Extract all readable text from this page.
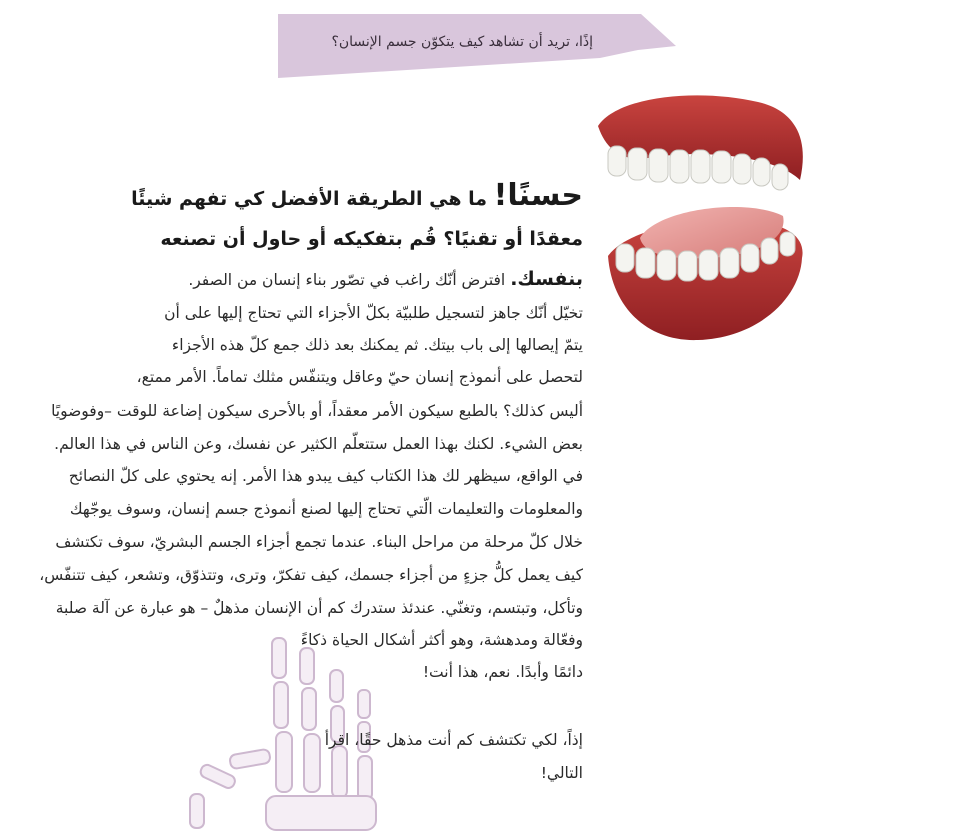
إذًا، تريد أن تشاهد كيف يتكوّن جسم الإنسان؟
حسنًا! ما هي الطريقة الأفضل كي تفهم شيئًا
معقدًا أو تقنيًا؟ قُم بتفكيكه أو حاول أن تصنعه
بنفسك. افترض أنّك راغب في تصّور بناء إنسان من الصفر.
تخيّل أنّك جاهز لتسجيل طلبيّة بكلّ الأجزاء التي تحتاج إليها على أن
يتمّ إيصالها إلى باب بيتك. ثم يمكنك بعد ذلك جمع كلّ هذه الأجزاء
لتحصل على أنموذج إنسان حيّ وعاقل ويتنفّس مثلك تماماً. الأمر ممتع،
أليس كذلك؟ بالطبع سيكون الأمر معقداً، أو بالأحرى سيكون إضاعة للوقت –وفوضويًا
بعض الشيء. لكنك بهذا العمل ستتعلّم الكثير عن نفسك، وعن الناس في هذا العالم.
في الواقع، سيظهر لك هذا الكتاب كيف يبدو هذا الأمر. إنه يحتوي على كلّ النصائح
والمعلومات والتعليمات الّتي تحتاج إليها لصنع أنموذج جسم إنسان، وسوف يوجّهك
خلال كلّ مرحلة من مراحل البناء. عندما تجمع أجزاء الجسم البشريّ، سوف تكتشف
كيف يعمل كلُّ جزءٍ من أجزاء جسمك، كيف تفكرّ، وترى، وتتذوّق، وتشعر، كيف تتنفّس،
وتأكل، وتبتسم، وتغنّي. عندئذ ستدرك كم أن الإنسان مذهلٌ – هو عبارة عن آلة صلبة
وفعّالة ومدهشة، وهو أكثر أشكال الحياة ذكاءً
دائمًا وأبدًا. نعم، هذا أنت!
إذاً، لكي تكتشف كم أنت مذهل حقًا، اقرأ
التالي!
